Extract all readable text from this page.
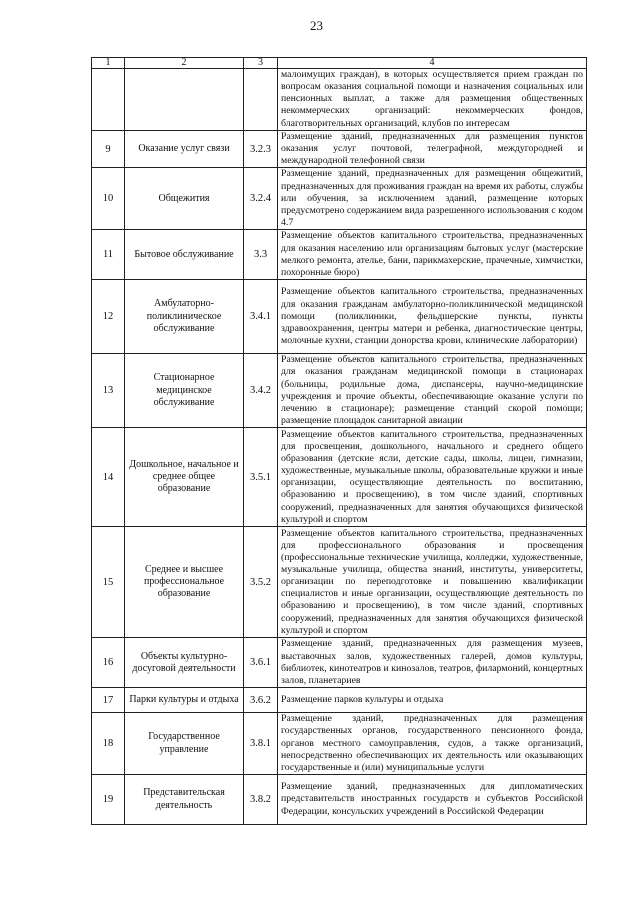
23
1	2	3	4
			малоимущих граждан), в которых осуществляется прием граждан по вопросам оказания социальной помощи и назначения социальных или пенсионных выплат, а также для размещения общественных некоммерческих организаций: некоммерческих фондов, благотворительных организаций, клубов по интересам
9	Оказание услуг связи	3.2.3	Размещение зданий, предназначенных для размещения пунктов оказания услуг почтовой, телеграфной, междугородней и международной телефонной связи
10	Общежития	3.2.4	Размещение зданий, предназначенных для размещения общежитий, предназначенных для проживания граждан на время их работы, службы или обучения, за исключением зданий, размещение которых предусмотрено содержанием вида разрешенного использования с кодом 4.7
11	Бытовое обслуживание	3.3	Размещение объектов капитального строительства, предназначенных для оказания населению или организациям бытовых услуг (мастерские мелкого ремонта, ателье, бани, парикмахерские, прачечные, химчистки, похоронные бюро)
12	Амбулаторно-поликлиническое обслуживание	3.4.1	Размещение объектов капитального строительства, предназначенных для оказания гражданам амбулаторно-поликлинической медицинской помощи (поликлиники, фельдшерские пункты, пункты здравоохранения, центры матери и ребенка, диагностические центры, молочные кухни, станции донорства крови, клинические лаборатории)
13	Стационарное медицинское обслуживание	3.4.2	Размещение объектов капитального строительства, предназначенных для оказания гражданам медицинской помощи в стационарах (больницы, родильные дома, диспансеры, научно-медицинские учреждения и прочие объекты, обеспечивающие оказание услуги по лечению в стационаре); размещение станций скорой помощи; размещение площадок санитарной авиации
14	Дошкольное, начальное и среднее общее образование	3.5.1	Размещение объектов капитального строительства, предназначенных для просвещения, дошкольного, начального и среднего общего образования (детские ясли, детские сады, школы, лицеи, гимназии, художественные, музыкальные школы, образовательные кружки и иные организации, осуществляющие деятельность по воспитанию, образованию и просвещению), в том числе зданий, спортивных сооружений, предназначенных для занятия обучающихся физической культурой и спортом
15	Среднее и высшее профессиональное образование	3.5.2	Размещение объектов капитального строительства, предназначенных для профессионального образования и просвещения (профессиональные технические училища, колледжи, художественные, музыкальные училища, общества знаний, институты, университеты, организации по переподготовке и повышению квалификации специалистов и иные организации, осуществляющие деятельность по образованию и просвещению), в том числе зданий, спортивных сооружений, предназначенных для занятия обучающихся физической культурой и спортом
16	Объекты культурно-досуговой деятельности	3.6.1	Размещение зданий, предназначенных для размещения музеев, выставочных залов, художественных галерей, домов культуры, библиотек, кинотеатров и кинозалов, театров, филармоний, концертных залов, планетариев
17	Парки культуры и отдыха	3.6.2	Размещение парков культуры и отдыха
18	Государственное управление	3.8.1	Размещение зданий, предназначенных для размещения государственных органов, государственного пенсионного фонда, органов местного самоуправления, судов, а также организаций, непосредственно обеспечивающих их деятельность или оказывающих государственные и (или) муниципальные услуги
19	Представительская деятельность	3.8.2	Размещение зданий, предназначенных для дипломатических представительств иностранных государств и субъектов Российской Федерации, консульских учреждений в Российской Федерации
